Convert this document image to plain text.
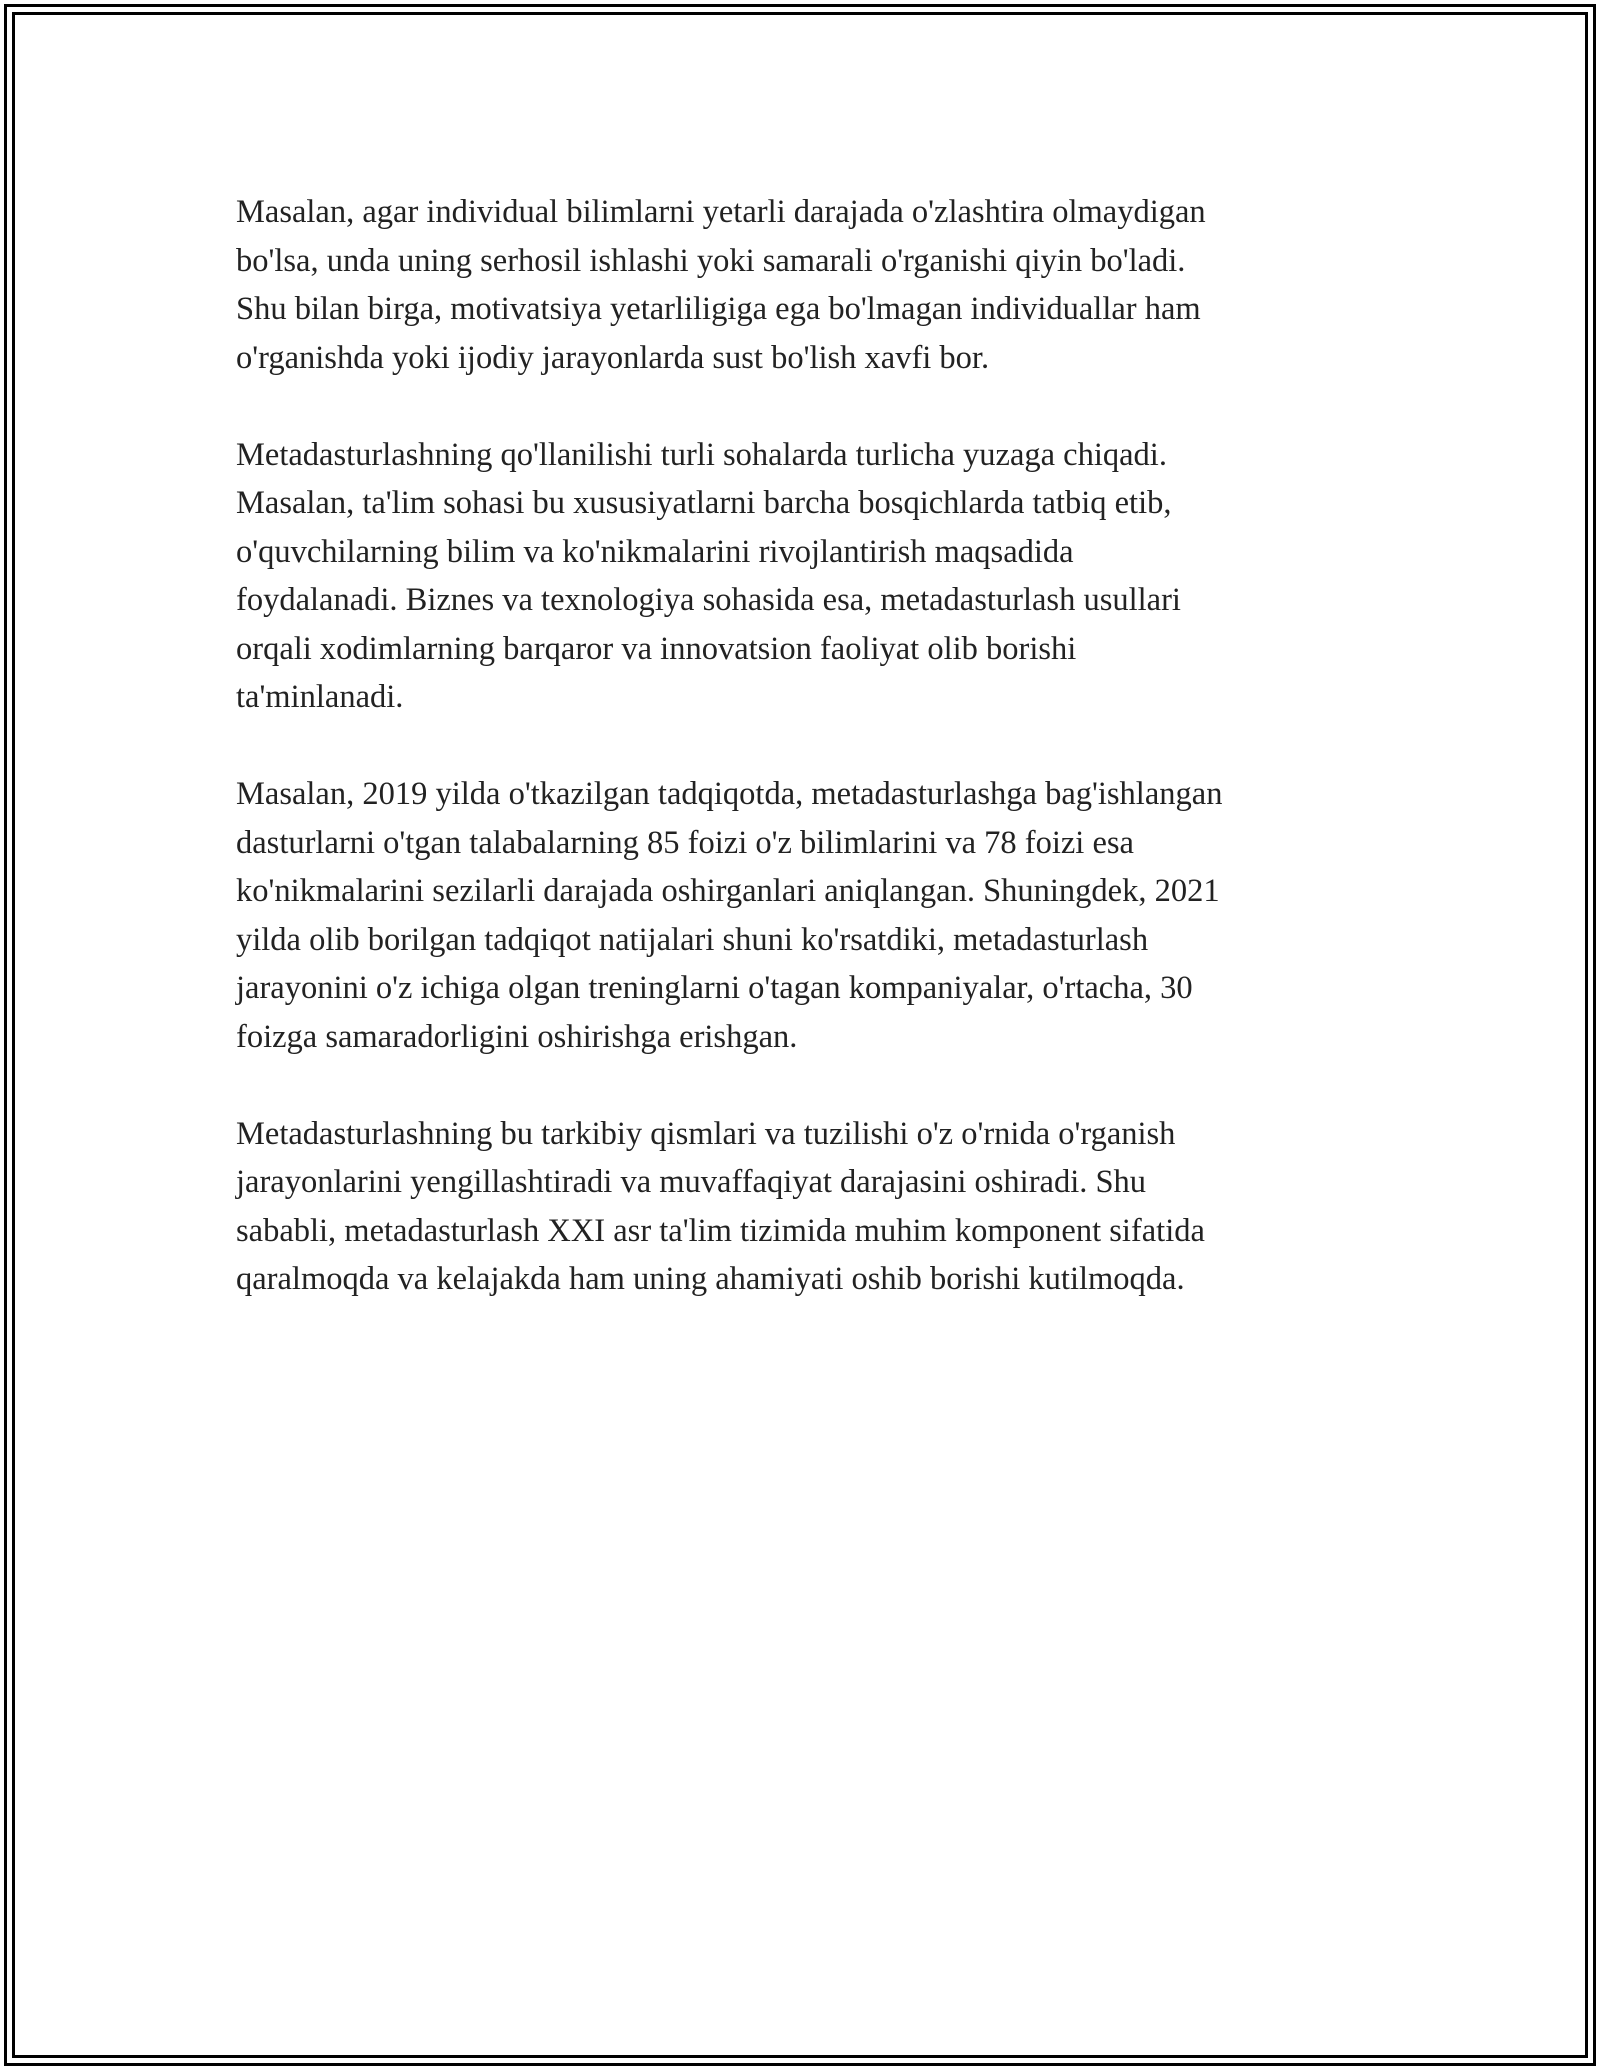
Masalan, agar individual bilimlarni yetarli darajada o'zlashtira olmaydigan
bo'lsa, unda uning serhosil ishlashi yoki samarali o'rganishi qiyin bo'ladi.
Shu bilan birga, motivatsiya yetarliligiga ega bo'lmagan individuallar ham
o'rganishda yoki ijodiy jarayonlarda sust bo'lish xavfi bor.

Metadasturlashning qo'llanilishi turli sohalarda turlicha yuzaga chiqadi.
Masalan, ta'lim sohasi bu xususiyatlarni barcha bosqichlarda tatbiq etib,
o'quvchilarning bilim va ko'nikmalarini rivojlantirish maqsadida
foydalanadi. Biznes va texnologiya sohasida esa, metadasturlash usullari
orqali xodimlarning barqaror va innovatsion faoliyat olib borishi
ta'minlanadi.

Masalan, 2019 yilda o'tkazilgan tadqiqotda, metadasturlashga bag'ishlangan
dasturlarni o'tgan talabalarning 85 foizi o'z bilimlarini va 78 foizi esa
ko'nikmalarini sezilarli darajada oshirganlari aniqlangan. Shuningdek, 2021
yilda olib borilgan tadqiqot natijalari shuni ko'rsatdiki, metadasturlash
jarayonini o'z ichiga olgan treninglarni o'tagan kompaniyalar, o'rtacha, 30
foizga samaradorligini oshirishga erishgan.

Metadasturlashning bu tarkibiy qismlari va tuzilishi o'z o'rnida o'rganish
jarayonlarini yengillashtiradi va muvaffaqiyat darajasini oshiradi. Shu
sababli, metadasturlash XXI asr ta'lim tizimida muhim komponent sifatida
qaralmoqda va kelajakda ham uning ahamiyati oshib borishi kutilmoqda.
